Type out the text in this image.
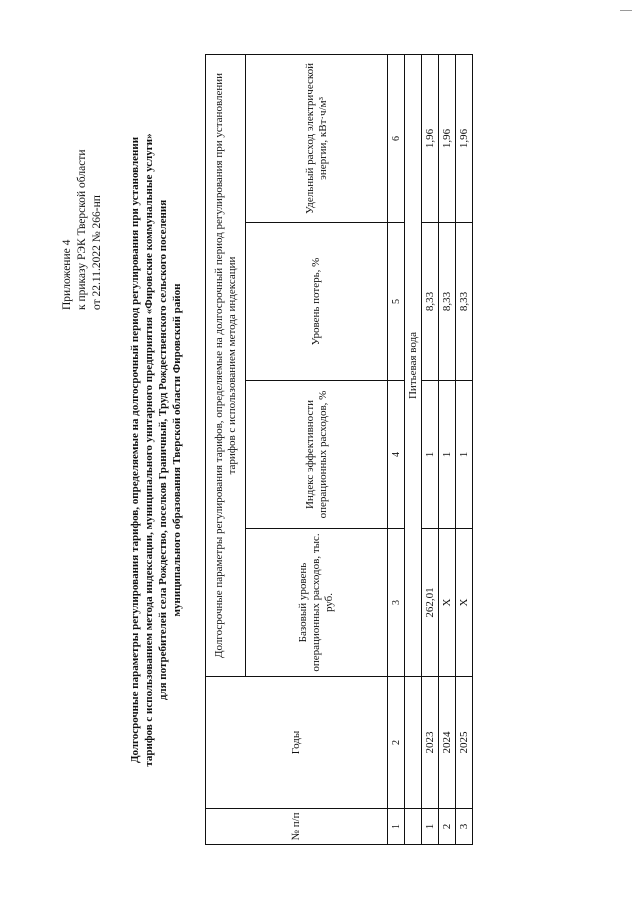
Приложение 4 к приказу РЭК Тверской области от 22.11.2022 № 266-нп Долгосрочные параметры регулирования тарифов, определяемые на долгосрочный период регулирования при установлении тарифов с использованием метода индексации, муниципального унитарного предприятия «Фировские коммунальные услуги» для потребителей села Рождество, поселков Граничный, Труд Рождественского сельского поселения муниципального образования Тверской области Фировский район
№ п/п	Годы	Долгосрочные параметры регулирования тарифов, определяемые на долгосрочный период регулирования при установлении тарифов с использованием метода индексации			
		Базовый уровень операционных расходов, тыс. руб.	Индекс эффективности операционных расходов, %	Уровень потерь, %	Удельный расход электрической энергии, кВт·ч/м³
1	2	3	4	5	6
		Питьевая вода			
1	2023	262,01	1	8,33	1,96
2	2024	Х	1	8,33	1,96
3	2025	Х	1	8,33	1,96
